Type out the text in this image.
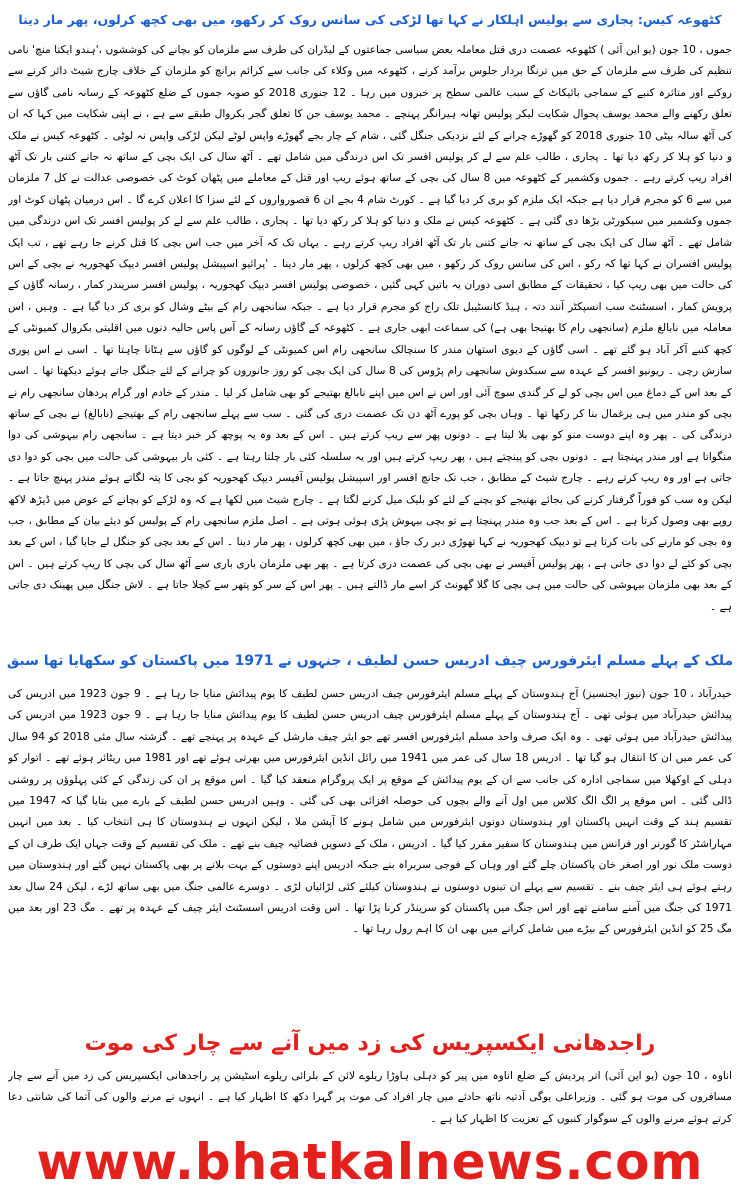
کٹھوعہ کیس: پجاری سے پولیس اہلکار نے کہا تھا لڑکی کی سانس روک کر رکھو، میں بھی کچھ کرلوں، پھر مار دینا

جموں ، 10 جون (یو این آئی ) کٹھوعہ عصمت دری قتل معاملہ بعض سیاسی جماعتوں کے لیڈران کی طرف سے ملزمان کو بچانے کی کوششوں ،'ہندو ایکتا منچ' نامی تنظیم کی طرف سے ملزمان کے حق میں ترنگا بردار جلوس برآمد کرنے ، کٹھوعہ میں وکلاء کی جانب سے کرائم برانچ کو ملزمان کے خلاف چارج شیٹ دائر کرنے سے روکنے اور متاثرہ کنبے کے سماجی بائیکاٹ کے سبب عالمی سطح پر خبروں میں رہا ۔ 12 جنوری 2018 کو صوبہ جموں کے ضلع کٹھوعہ کے رسانہ نامی گاؤں سے تعلق رکھنے والے محمد یوسف پجوال شکایت لیکر پولیس تھانہ ہیرانگر پہنچے ۔ محمد یوسف جن کا تعلق گجر بکروال طبقے سے ہے ، نے اپنی شکایت میں کہا کہ ان کی آٹھ سالہ بیٹی 10 جنوری 2018 کو گھوڑے چرانے کے لئے نزدیکی جنگل گئی ، شام کے چار بجے گھوڑے واپس لوٹے لیکن لڑکی واپس نہ لوٹی ۔ کٹھوعہ کیس نے ملک و دنیا کو ہلا کر رکھ دیا تھا ۔ پجاری ، طالب علم سے لے کر پولیس افسر تک اس درندگی میں شامل تھے ۔ آٹھ سال کی ایک بچی کے ساتھ نہ جانے کتنی بار تک آٹھ افراد ریپ کرتے رہے ۔ جموں وکشمیر کے کٹھوعہ میں 8 سال کی بچی کے ساتھ ہوئے ریپ اور قتل کے معاملے میں پٹھان کوٹ کی خصوصی عدالت نے کل 7 ملزمان میں سے 6 کو مجرم قرار دیا ہے جبکہ ایک ملزم کو بری کر دیا گیا ہے ۔ کورٹ شام 4 بجے ان 6 قصورواروں کے لئے سزا کا اعلان کرے گا ۔ اس درمیان پٹھان کوٹ اور جموں وکشمیر میں سیکورٹی بڑھا دی گئی ہے ۔ کٹھوعہ کیس نے ملک و دنیا کو ہلا کر رکھ دیا تھا ۔ پجاری ، طالب علم سے لے کر پولیس افسر تک اس درندگی میں شامل تھے ۔ آٹھ سال کی ایک بچی کے ساتھ نہ جانے کتنی بار تک آٹھ افراد ریپ کرتے رہے ۔ یہاں تک کہ آخر میں جب اس بچی کا قتل کرنے جا رہے تھے ، تب ایک پولیس افسران نے کہا تھا کہ رکو ، اس کی سانس روک کر رکھو ، میں بھی کچھ کرلوں ، پھر مار دینا ۔ 'پرائیو اسپیشل پولیس افسر دیپک کھجوریہ نے بچی کے اس کی حالت میں بھی ریپ کیا ، تحقیقات کے مطابق اسی دوران یہ باتیں کہی گئیں ، خصوصی پولیس افسر دیپک کھجوریہ ، پولیس افسر سریندر کمار ، رسانہ گاؤں کے پرویش کمار ، اسسٹنٹ سب انسپکٹر آنند دتہ ، ہیڈ کانسٹیبل تلک راج کو مجرم قرار دیا ہے ۔ جبکہ سانجھی رام کے بیٹے وشال کو بری کر دیا گیا ہے ۔ وہیں ، اس معاملہ میں نابالغ ملزم (سانجھی رام کا بھتیجا بھی ہے) کی سماعت ابھی جاری ہے ۔ کٹھوعہ کے گاؤں رسانہ کے آس پاس حالیہ دنوں میں اقلیتی بکروال کمیونٹی کے کچھ کنبے آکر آباد ہو گئے تھے ۔ اسی گاؤں کے دیوی استھان مندر کا سنچالک سانجھی رام اس کمیونٹی کے لوگوں کو گاؤں سے ہٹانا چاہتا تھا ۔ اسی نے اس پوری سازش رچی ۔ ریونیو افسر کے عہدہ سے سبکدوش سانجھی رام پڑوس کی 8 سال کی ایک بچی کو روز جانوروں کو چرانے کے لئے جنگل جاتے ہوئے دیکھتا تھا ۔ اسی کے بعد اس کے دماغ میں اس بچی کو لے کر گندی سوچ آئی اور اس نے اس میں اپنے نابالغ بھتیجے کو بھی شامل کر لیا ۔ مندر کے خادم اور گرام پردھان سانجھی رام نے بچی کو مندر میں ہی یرغمال بنا کر رکھا تھا ۔ وہاں بچی کو پورے آٹھ دن تک عصمت دری کی گئی ۔ سب سے پہلے سانجھی رام کے بھتیجے (نابالغ) نے بچی کے ساتھ درندگی کی ۔ پھر وہ اپنے دوست منو کو بھی بلا لیتا ہے ۔ دونوں پھر سے ریپ کرتے ہیں ۔ اس کے بعد وہ یہ پوچھ کر خبر دیتا ہے ۔ سانجھی رام بیہوشی کی دوا منگواتا ہے اور مندر پہنچتا ہے ۔ دونوں بچی کو پینچتے ہیں ، پھر ریپ کرتے ہیں اور یہ سلسلہ کئی بار چلتا رہتا ہے ۔ کئی بار بیہوشی کی حالت میں بچی کو دوا دی جاتی ہے اور وہ ریپ کرتے رہے ۔ چارج شیٹ کے مطابق ، جب تک جانچ افسر اور اسپیشل پولیس آفیسر دیپک کھجوریہ کو بچی کا پتہ لگاتے ہوئے مندر پہنچ جاتا ہے ۔ لیکن وہ سب کو فوراً گرفتار کرنے کی بجائے بھتیجے کو بچنے کے لئے کو بلیک میل کرنے لگتا ہے ۔ چارج شیٹ میں لکھا ہے کہ وہ لڑکے کو بچانے کے عوض میں ڈیڑھ لاکھ روپے بھی وصول کرتا ہے ۔ اس کے بعد جب وہ مندر پہنچتا ہے تو بچی بیہوش پڑی ہوئی ہوتی ہے ۔ اصل ملزم سانجھی رام کے پولیس کو دیئے بیان کے مطابق ، جب وہ بچی کو مارنے کی بات کرتا ہے تو دیپک کھجوریہ نے کہا تھوڑی دیر رک جاؤ ، میں بھی کچھ کرلوں ، پھر مار دینا ۔ اس کے بعد بچی کو جنگل لے جایا گیا ، اس کے بعد بچی کو کئے لے دوا دی جاتی ہے ، پھر پولیس آفیسر نے بھی بچی کی عصمت دری کرتا ہے ۔ پھر بھی ملزمان باری باری سے آٹھ سال کی بچی کا ریپ کرتے ہیں ۔ اس کے بعد بھی ملزمان بیہوشی کی حالت میں ہی بچی کا گلا گھونٹ کر اسے مار ڈالتے ہیں ۔ پھر اس کے سر کو پتھر سے کچلا جاتا ہے ۔ لاش جنگل میں پھینک دی جاتی ہے ۔

ملک کے پہلے مسلم ایئرفورس چیف ادریس حسن لطیف ، جنہوں نے 1971 میں پاکستان کو سکھایا تھا سبق

حیدرآباد ، 10 جون (نیوز ایجنسیز) آج ہندوستان کے پہلے مسلم ایئرفورس چیف ادریس حسن لطیف کا یوم پیدائش منایا جا رہا ہے ۔ 9 جون 1923 میں ادریس کی پیدائش حیدرآباد میں ہوئی تھی ۔ آج ہندوستان کے پہلے مسلم ایئرفورس چیف ادریس حسن لطیف کا یوم پیدائش منایا جا رہا ہے ۔ 9 جون 1923 میں ادریس کی پیدائش حیدرآباد میں ہوئی تھی ۔ وہ ایک صرف واحد مسلم ایئرفورس افسر تھے جو ایئر چیف مارشل کے عہدہ پر پہنچے تھے ۔ گزشتہ سال مئی 2018 کو 94 سال کی عمر میں ان کا انتقال ہو گیا تھا ۔ ادریس 18 سال کی عمر میں 1941 میں رائل انڈین ایئرفورس میں بھرتی ہوئے تھے اور 1981 میں ریٹائر ہوئے تھے ۔ اتوار کو دہلی کے اوکھلا میں سماجی ادارہ کی جانب سے ان کے یوم پیدائش کے موقع پر ایک پروگرام منعقد کیا گیا ۔ اس موقع پر ان کی زندگی کے کئی پہلوؤں پر روشنی ڈالی گئی ۔ اس موقع پر الگ الگ کلاس میں اول آنے والے بچوں کی حوصلہ افزائی بھی کی گئی ۔ وہیں ادریس حسن لطیف کے بارے میں بتایا گیا کہ 1947 میں تقسیم ہند کے وقت انہیں پاکستان اور ہندوستان دونوں ایئرفورس میں شامل ہونے کا آپشن ملا ، لیکن انہوں نے ہندوستان کا ہی انتخاب کیا ۔ بعد میں انہیں مہاراشٹر کا گورنر اور فرانس میں ہندوستان کا سفیر مقرر کیا گیا ۔ ادریس ، ملک کے دسویں فضائیہ چیف بنے تھے ۔ ملک کی تقسیم کے وقت جہاں ایک طرف ان کے دوست ملک نور اور اصغر خان پاکستان چلے گئے اور وہاں کے فوجی سربراہ بنے جبکہ ادریس اپنے دوستوں کے بہت بلانے پر بھی پاکستان نہیں گئے اور ہندوستان میں رہتے ہوئے ہی ایئر چیف بنے ۔ تقسیم سے پہلے ان تینوں دوستوں نے ہندوستان کیلئے کئی لڑائیاں لڑی ۔ دوسرے عالمی جنگ میں بھی ساتھ لڑے ، لیکن 24 سال بعد 1971 کی جنگ میں آمنے سامنے تھے اور اس جنگ میں پاکستان کو سرینڈر کرنا پڑا تھا ۔ اس وقت ادریس اسسٹنٹ ایئر چیف کے عہدہ پر تھے ۔ مگ 23 اور بعد میں مگ 25 کو انڈین ایئرفورس کے بیڑے میں شامل کرانے میں بھی ان کا اہم رول رہا تھا ۔

راجدھانی ایکسپریس کی زد میں آنے سے چار کی موت

اناوہ ، 10 جون (یو این آئی) اتر پردیش کے ضلع اناوہ میں پیر کو دہلی ہاوڑا ریلوے لائن کے بلرائی ریلوے اسٹیشن پر راجدھانی ایکسپریس کی زد میں آنے سے چار مسافروں کی موت ہو گئی ۔ وزیراعلی یوگی آدتیہ ناتھ حادثے میں چار افراد کی موت پر گہرا دکھ کا اظہار کیا ہے ۔ انہوں نے مرنے والوں کی آتما کی شانتی دعا کرتے ہوئے مرنے والوں کے سوگوار کنبوں کے تعزیت کا اظہار کیا ہے ۔

www.bhatkalnews.com
